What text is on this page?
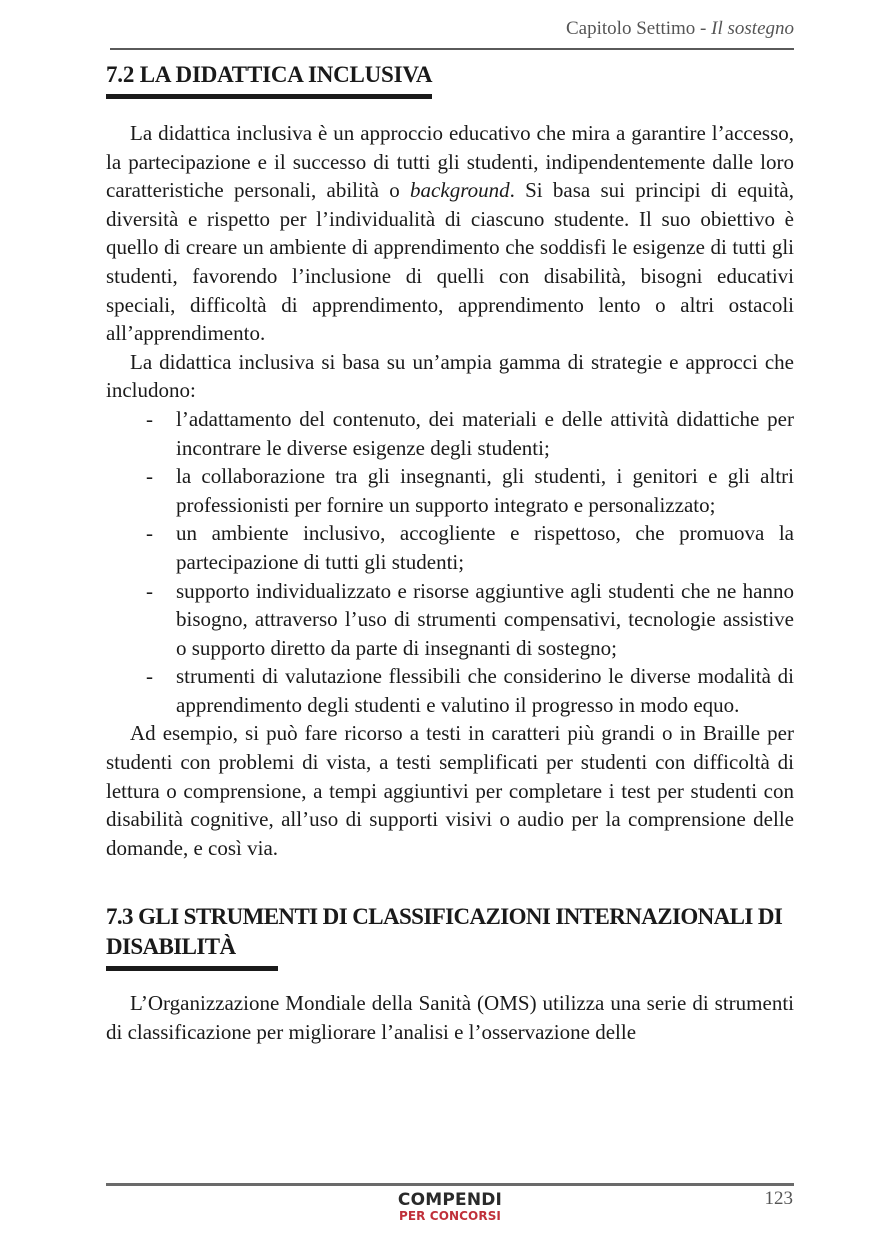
Capitolo Settimo - Il sostegno
7.2 LA DIDATTICA INCLUSIVA

La didattica inclusiva è un approccio educativo che mira a garantire l’accesso, la partecipazione e il successo di tutti gli studenti, indipendentemente dalle loro caratteristiche personali, abilità o background. Si basa sui principi di equità, diversità e rispetto per l’individualità di ciascuno studente. Il suo obiettivo è quello di creare un ambiente di apprendimento che soddisfi le esigenze di tutti gli studenti, favorendo l’inclusione di quelli con disabilità, bisogni educativi speciali, difficoltà di apprendimento, apprendimento lento o altri ostacoli all’apprendimento.

La didattica inclusiva si basa su un’ampia gamma di strategie e approcci che includono:

- l’adattamento del contenuto, dei materiali e delle attività didattiche per incontrare le diverse esigenze degli studenti;
- la collaborazione tra gli insegnanti, gli studenti, i genitori e gli altri professionisti per fornire un supporto integrato e personalizzato;
- un ambiente inclusivo, accogliente e rispettoso, che promuova la partecipazione di tutti gli studenti;
- supporto individualizzato e risorse aggiuntive agli studenti che ne hanno bisogno, attraverso l’uso di strumenti compensativi, tecnologie assistive o supporto diretto da parte di insegnanti di sostegno;
- strumenti di valutazione flessibili che considerino le diverse modalità di apprendimento degli studenti e valutino il progresso in modo equo.

Ad esempio, si può fare ricorso a testi in caratteri più grandi o in Braille per studenti con problemi di vista, a testi semplificati per studenti con difficoltà di lettura o comprensione, a tempi aggiuntivi per completare i test per studenti con disabilità cognitive, all’uso di supporti visivi o audio per la comprensione delle domande, e così via.

7.3 GLI STRUMENTI DI CLASSIFICAZIONI INTERNAZIONALI DI DISABILITÀ

L’Organizzazione Mondiale della Sanità (OMS) utilizza una serie di strumenti di classificazione per migliorare l’analisi e l’osservazione delle

COMPENDI
PER CONCORSI
123
